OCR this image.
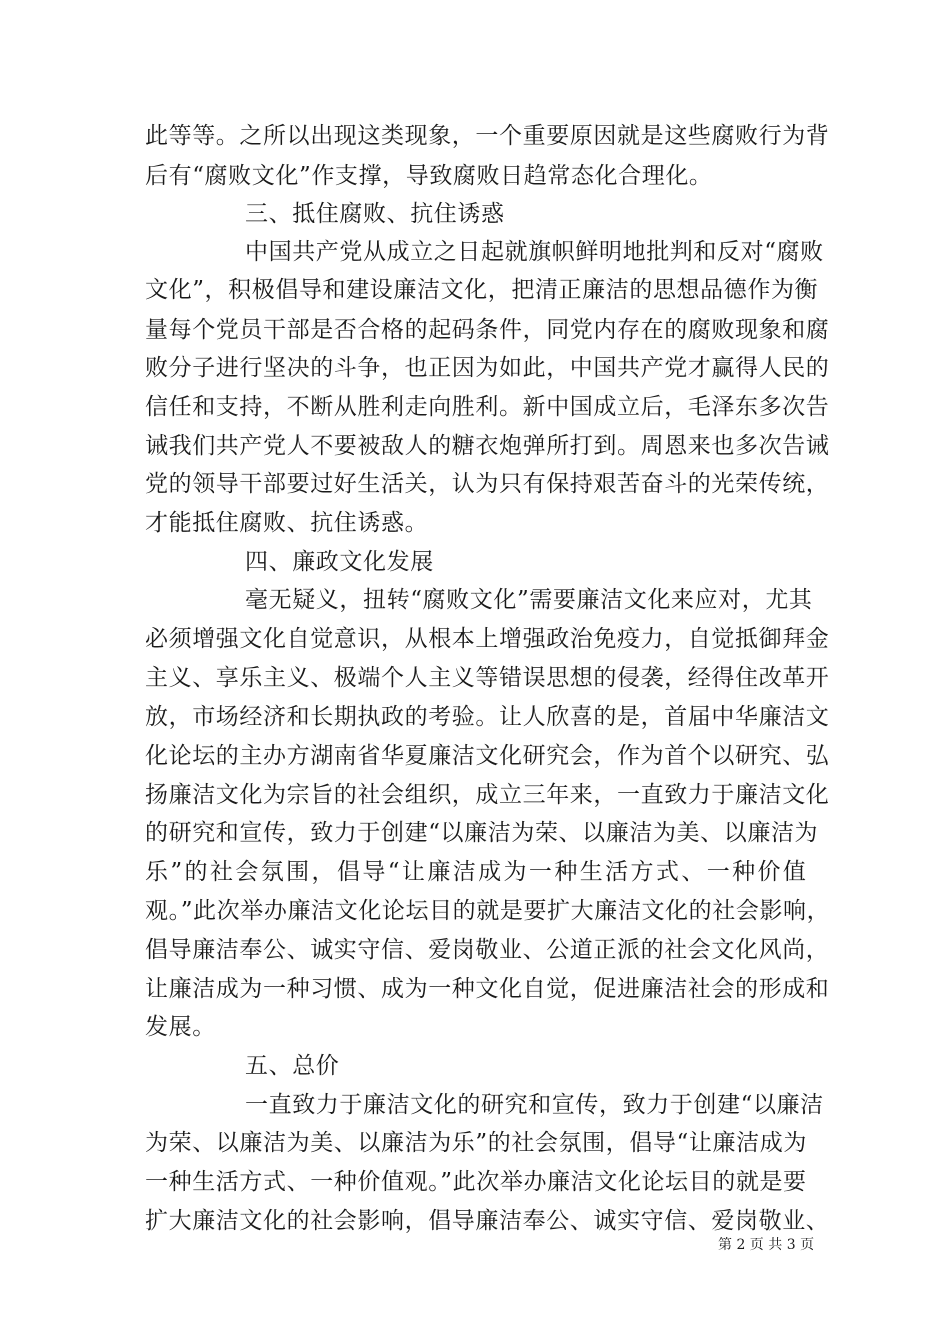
此等等。之所以出现这类现象，一个重要原因就是这些腐败行为背
后有“腐败文化”作支撑，导致腐败日趋常态化合理化。
三、抵住腐败、抗住诱惑
中国共产党从成立之日起就旗帜鲜明地批判和反对“腐败
文化”，积极倡导和建设廉洁文化，把清正廉洁的思想品德作为衡
量每个党员干部是否合格的起码条件，同党内存在的腐败现象和腐
败分子进行坚决的斗争，也正因为如此，中国共产党才赢得人民的
信任和支持，不断从胜利走向胜利。新中国成立后，毛泽东多次告
诫我们共产党人不要被敌人的糖衣炮弹所打到。周恩来也多次告诫
党的领导干部要过好生活关，认为只有保持艰苦奋斗的光荣传统，
才能抵住腐败、抗住诱惑。
四、廉政文化发展
毫无疑义，扭转“腐败文化”需要廉洁文化来应对，尤其
必须增强文化自觉意识，从根本上增强政治免疫力，自觉抵御拜金
主义、享乐主义、极端个人主义等错误思想的侵袭，经得住改革开
放，市场经济和长期执政的考验。让人欣喜的是，首届中华廉洁文
化论坛的主办方湖南省华夏廉洁文化研究会，作为首个以研究、弘
扬廉洁文化为宗旨的社会组织，成立三年来，一直致力于廉洁文化
的研究和宣传，致力于创建“以廉洁为荣、以廉洁为美、以廉洁为
乐”的社会氛围，倡导“让廉洁成为一种生活方式、一种价值
观。”此次举办廉洁文化论坛目的就是要扩大廉洁文化的社会影响，
倡导廉洁奉公、诚实守信、爱岗敬业、公道正派的社会文化风尚，
让廉洁成为一种习惯、成为一种文化自觉，促进廉洁社会的形成和
发展。
五、总价
一直致力于廉洁文化的研究和宣传，致力于创建“以廉洁
为荣、以廉洁为美、以廉洁为乐”的社会氛围，倡导“让廉洁成为
一种生活方式、一种价值观。”此次举办廉洁文化论坛目的就是要
扩大廉洁文化的社会影响，倡导廉洁奉公、诚实守信、爱岗敬业、
第 2 页 共 3 页
